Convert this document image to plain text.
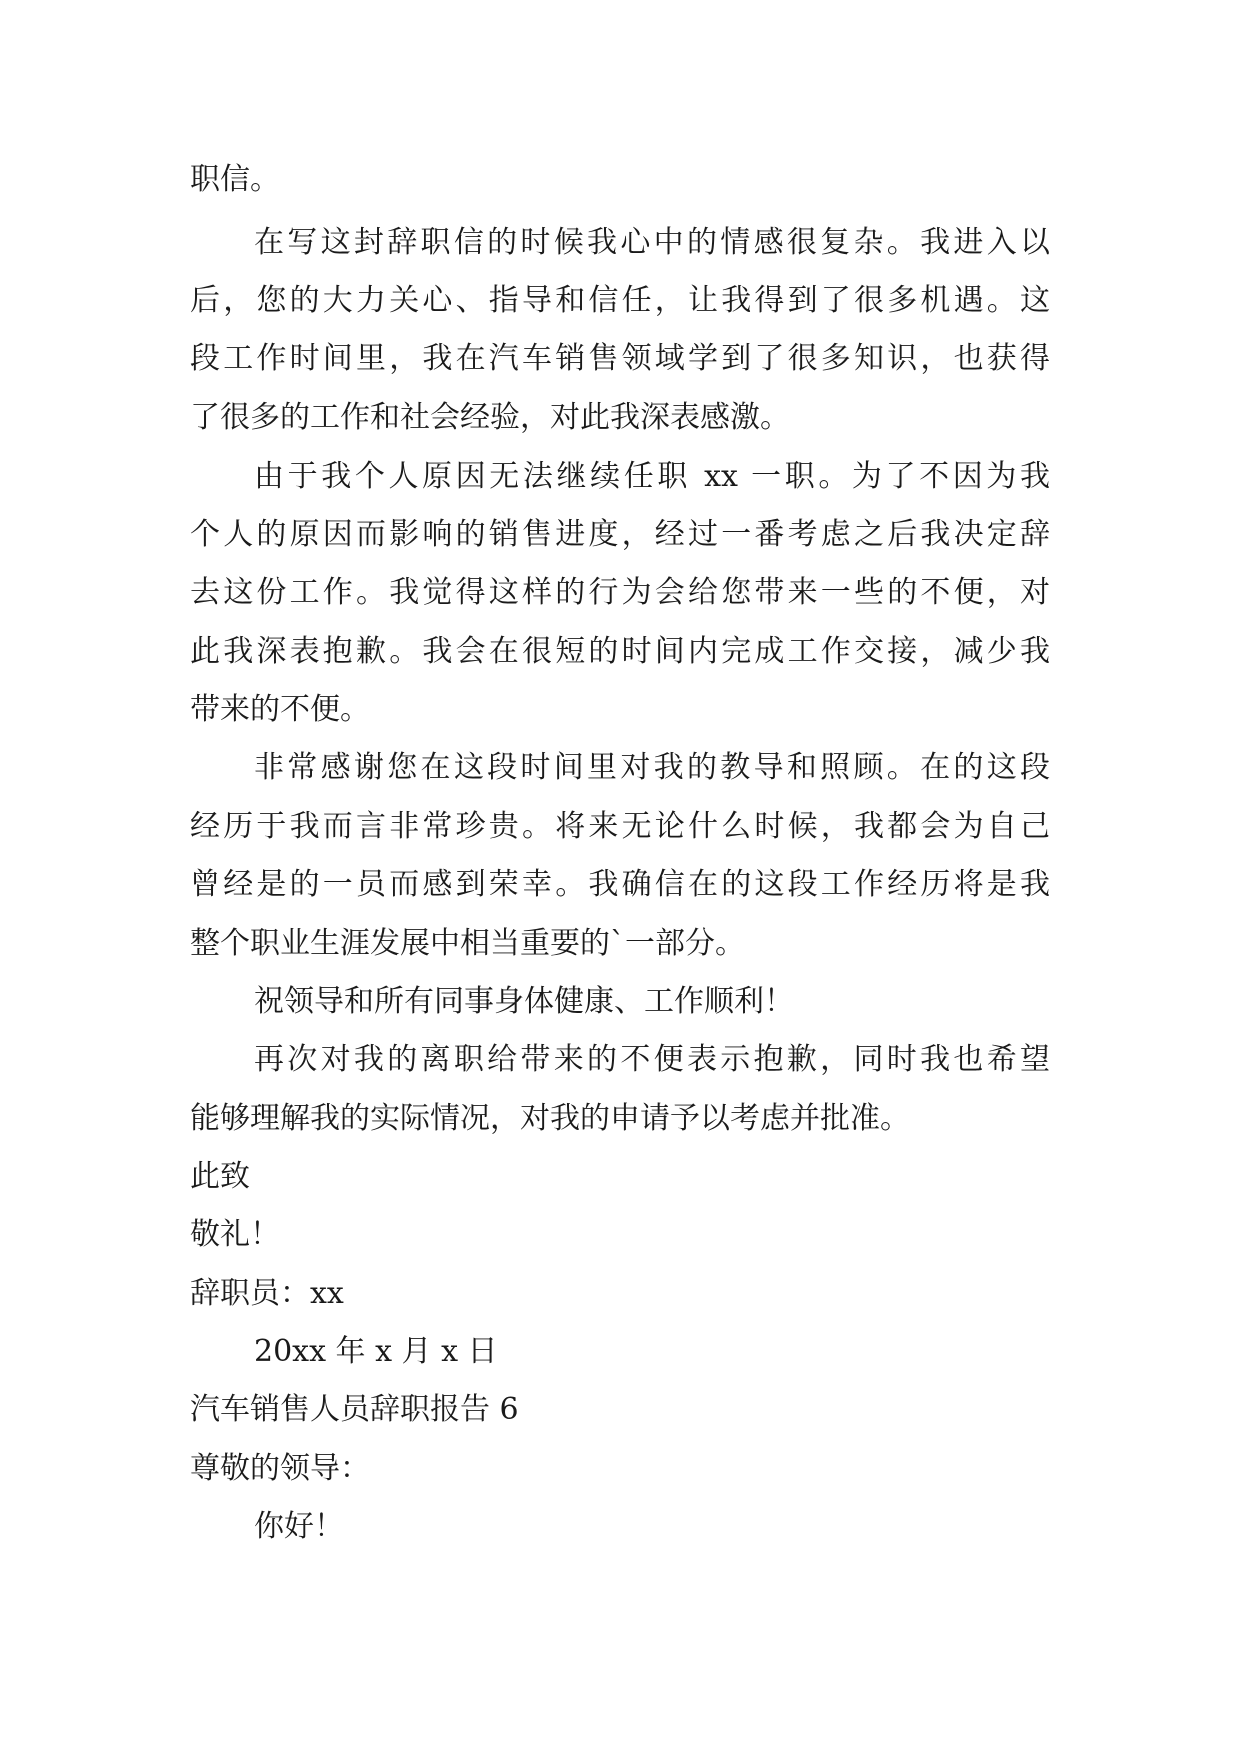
职信。
在写这封辞职信的时候我心中的情感很复杂。我进入以
后，您的大力关心、指导和信任，让我得到了很多机遇。这
段工作时间里，我在汽车销售领域学到了很多知识，也获得
了很多的工作和社会经验，对此我深表感激。
由于我个人原因无法继续任职 xx 一职。为了不因为我
个人的原因而影响的销售进度，经过一番考虑之后我决定辞
去这份工作。我觉得这样的行为会给您带来一些的不便，对
此我深表抱歉。我会在很短的时间内完成工作交接，减少我
带来的不便。
非常感谢您在这段时间里对我的教导和照顾。在的这段
经历于我而言非常珍贵。将来无论什么时候，我都会为自己
曾经是的一员而感到荣幸。我确信在的这段工作经历将是我
整个职业生涯发展中相当重要的`一部分。
祝领导和所有同事身体健康、工作顺利！
再次对我的离职给带来的不便表示抱歉，同时我也希望
能够理解我的实际情况，对我的申请予以考虑并批准。
此致
敬礼！
辞职员：xx
20xx 年 x 月 x 日
汽车销售人员辞职报告 6
尊敬的领导：
你好！
